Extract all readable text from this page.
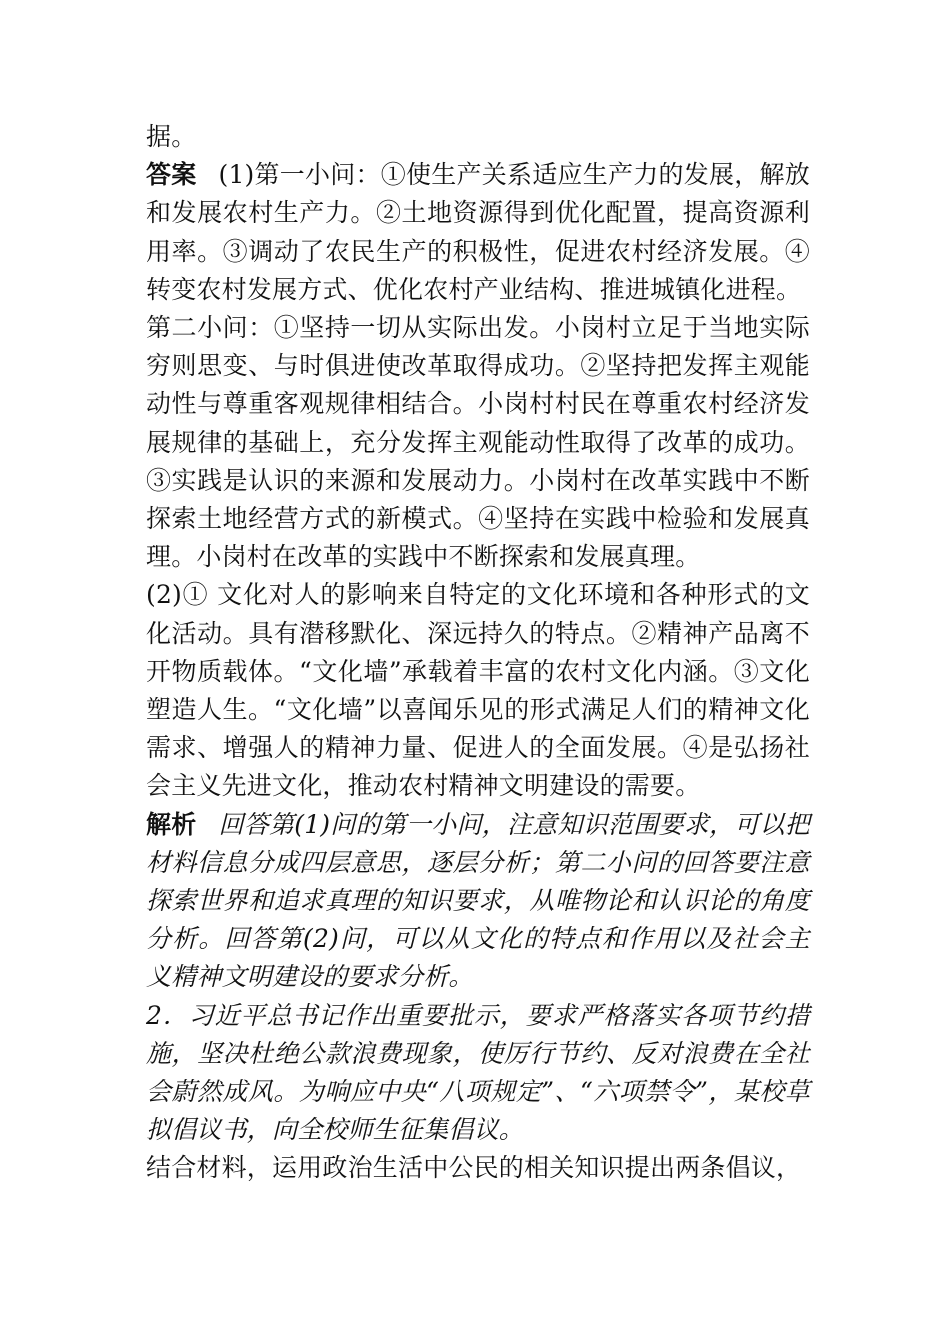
据。

答案 (1)第一小问：①使生产关系适应生产力的发展，解放和发展农村生产力。②土地资源得到优化配置，提高资源利用率。③调动了农民生产的积极性，促进农村经济发展。④转变农村发展方式、优化农村产业结构、推进城镇化进程。

第二小问：①坚持一切从实际出发。小岗村立足于当地实际穷则思变、与时俱进使改革取得成功。②坚持把发挥主观能动性与尊重客观规律相结合。小岗村村民在尊重农村经济发展规律的基础上，充分发挥主观能动性取得了改革的成功。③实践是认识的来源和发展动力。小岗村在改革实践中不断探索土地经营方式的新模式。④坚持在实践中检验和发展真理。小岗村在改革的实践中不断探索和发展真理。

(2)① 文化对人的影响来自特定的文化环境和各种形式的文化活动。具有潜移默化、深远持久的特点。②精神产品离不开物质载体。“文化墙”承载着丰富的农村文化内涵。③文化塑造人生。“文化墙”以喜闻乐见的形式满足人们的精神文化需求、增强人的精神力量、促进人的全面发展。④是弘扬社会主义先进文化，推动农村精神文明建设的需要。

解析 回答第(1)问的第一小问，注意知识范围要求，可以把材料信息分成四层意思，逐层分析；第二小问的回答要注意探索世界和追求真理的知识要求，从唯物论和认识论的角度分析。回答第(2)问，可以从文化的特点和作用以及社会主义精神文明建设的要求分析。

2．习近平总书记作出重要批示，要求严格落实各项节约措施，坚决杜绝公款浪费现象，使厉行节约、反对浪费在全社会蔚然成风。为响应中央“八项规定”、“六项禁令”，某校草拟倡议书，向全校师生征集倡议。

结合材料，运用政治生活中公民的相关知识提出两条倡议，
